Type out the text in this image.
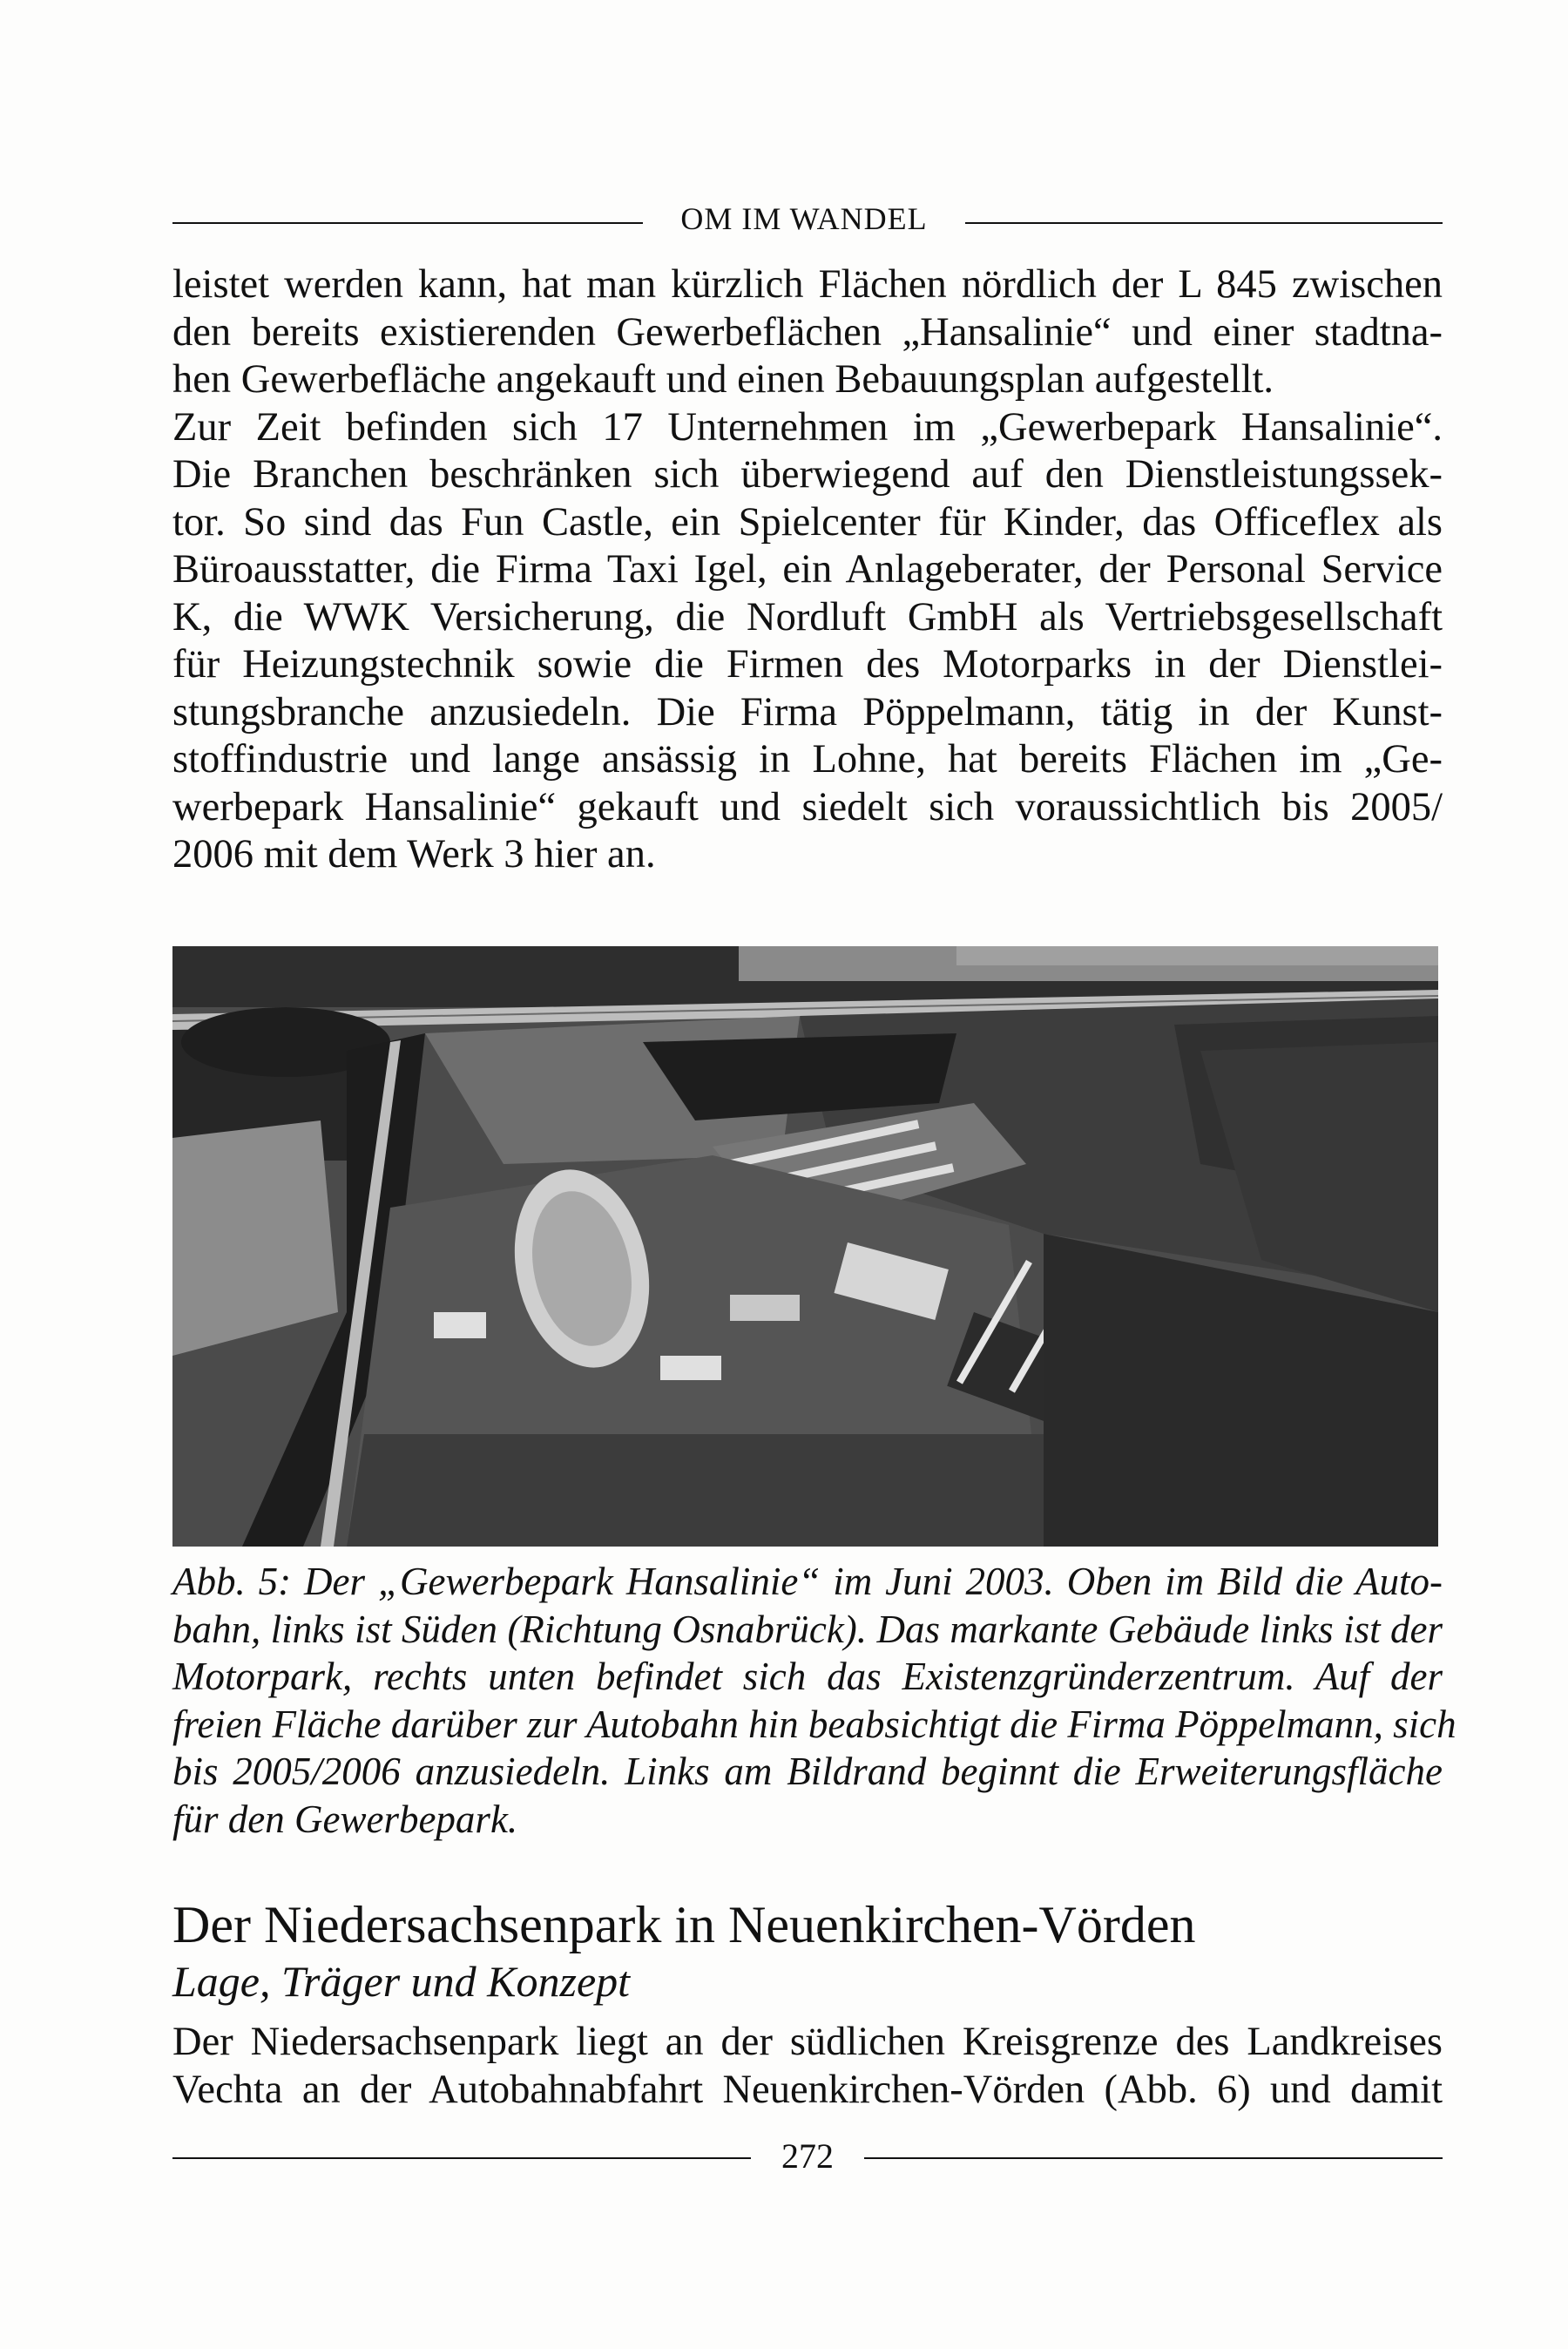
OM IM WANDEL
leistet werden kann, hat man kürzlich Flächen nördlich der L 845 zwischen
den bereits existierenden Gewerbeflächen „Hansalinie“ und einer stadtna-
hen Gewerbefläche angekauft und einen Bebauungsplan aufgestellt.
Zur Zeit befinden sich 17 Unternehmen im „Gewerbepark Hansalinie“.
Die Branchen beschränken sich überwiegend auf den Dienstleistungssek-
tor. So sind das Fun Castle, ein Spielcenter für Kinder, das Officeflex als
Büroausstatter, die Firma Taxi Igel, ein Anlageberater, der Personal Service
K, die WWK Versicherung, die Nordluft GmbH als Vertriebsgesellschaft
für Heizungstechnik sowie die Firmen des Motorparks in der Dienstlei-
stungsbranche anzusiedeln. Die Firma Pöppelmann, tätig in der Kunst-
stoffindustrie und lange ansässig in Lohne, hat bereits Flächen im „Ge-
werbepark Hansalinie“ gekauft und siedelt sich voraussichtlich bis 2005/
2006 mit dem Werk 3 hier an.
Abb. 5: Der „Gewerbepark Hansalinie“ im Juni 2003. Oben im Bild die Auto-
bahn, links ist Süden (Richtung Osnabrück). Das markante Gebäude links ist der
Motorpark, rechts unten befindet sich das Existenzgründerzentrum. Auf der
freien Fläche darüber zur Autobahn hin beabsichtigt die Firma Pöppelmann, sich
bis 2005/2006 anzusiedeln. Links am Bildrand beginnt die Erweiterungsfläche
für den Gewerbepark.
Der Niedersachsenpark in Neuenkirchen-Vörden
Lage, Träger und Konzept
Der Niedersachsenpark liegt an der südlichen Kreisgrenze des Landkreises
Vechta an der Autobahnabfahrt Neuenkirchen-Vörden (Abb. 6) und damit
272
